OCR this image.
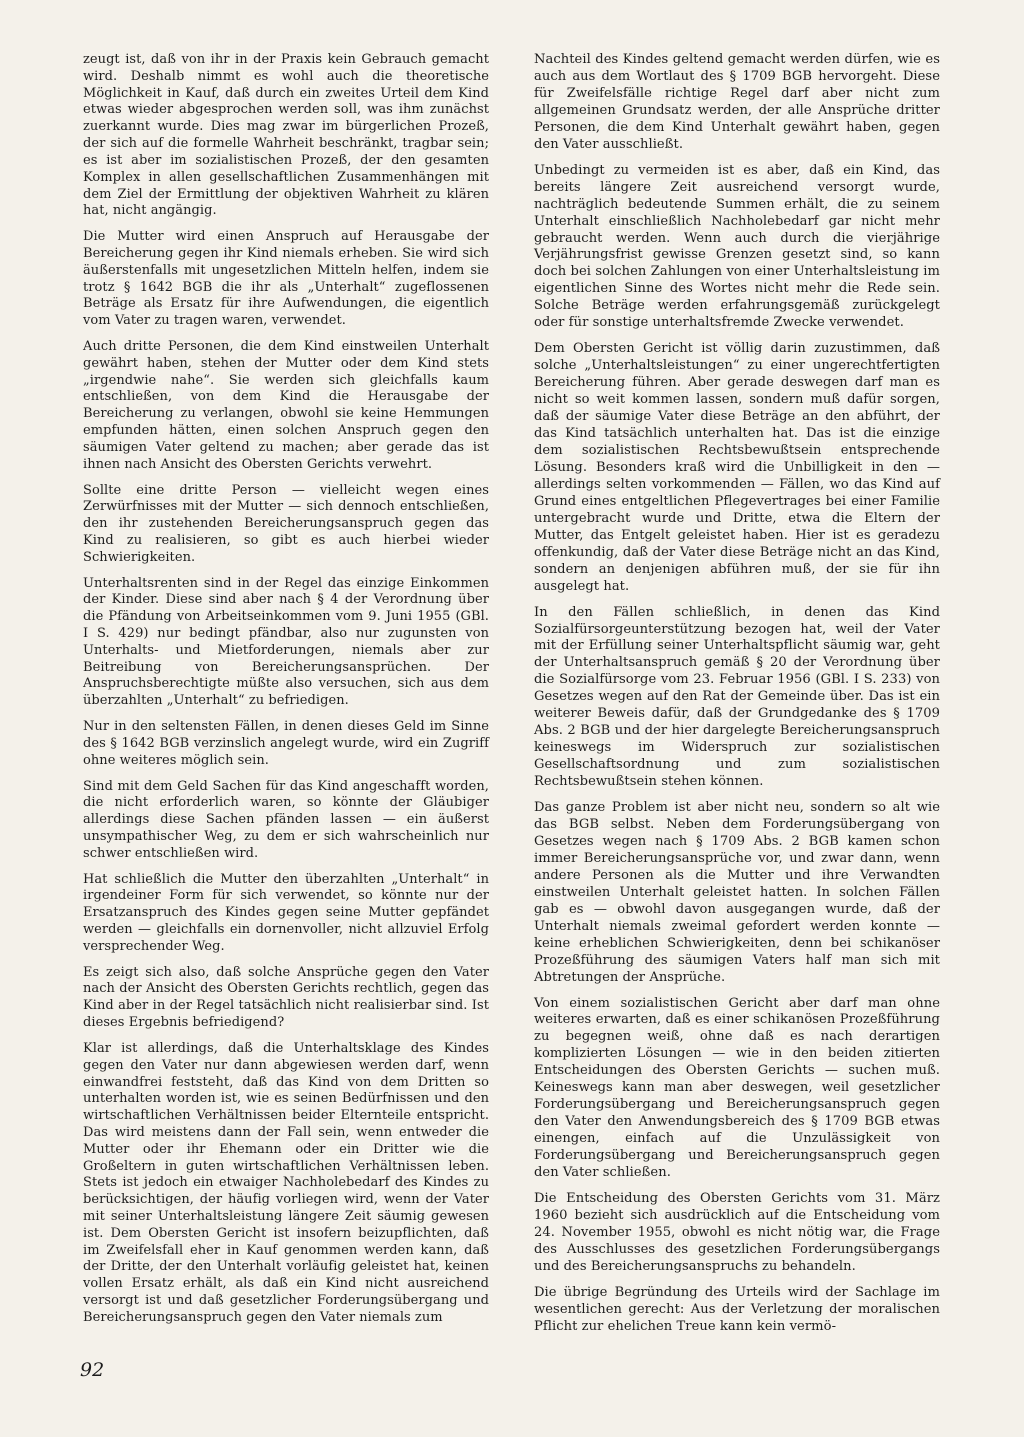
zeugt ist, daß von ihr in der Praxis kein Gebrauch gemacht wird. Deshalb nimmt es wohl auch die theoretische Möglichkeit in Kauf, daß durch ein zweites Urteil dem Kind etwas wieder abgesprochen werden soll, was ihm zunächst zuerkannt wurde. Dies mag zwar im bürgerlichen Prozeß, der sich auf die formelle Wahrheit beschränkt, tragbar sein; es ist aber im sozialistischen Prozeß, der den gesamten Komplex in allen gesellschaftlichen Zusammenhängen mit dem Ziel der Ermittlung der objektiven Wahrheit zu klären hat, nicht angängig.

Die Mutter wird einen Anspruch auf Herausgabe der Bereicherung gegen ihr Kind niemals erheben. Sie wird sich äußerstenfalls mit ungesetzlichen Mitteln helfen, indem sie trotz § 1642 BGB die ihr als „Unterhalt“ zugeflossenen Beträge als Ersatz für ihre Aufwendungen, die eigentlich vom Vater zu tragen waren, verwendet.

Auch dritte Personen, die dem Kind einstweilen Unterhalt gewährt haben, stehen der Mutter oder dem Kind stets „irgendwie nahe“. Sie werden sich gleichfalls kaum entschließen, von dem Kind die Herausgabe der Bereicherung zu verlangen, obwohl sie keine Hemmungen empfunden hätten, einen solchen Anspruch gegen den säumigen Vater geltend zu machen; aber gerade das ist ihnen nach Ansicht des Obersten Gerichts verwehrt.

Sollte eine dritte Person — vielleicht wegen eines Zerwürfnisses mit der Mutter — sich dennoch entschließen, den ihr zustehenden Bereicherungsanspruch gegen das Kind zu realisieren, so gibt es auch hierbei wieder Schwierigkeiten.

Unterhaltsrenten sind in der Regel das einzige Einkommen der Kinder. Diese sind aber nach § 4 der Verordnung über die Pfändung von Arbeitseinkommen vom 9. Juni 1955 (GBl. I S. 429) nur bedingt pfändbar, also nur zugunsten von Unterhalts- und Mietforderungen, niemals aber zur Beitreibung von Bereicherungsansprüchen. Der Anspruchsberechtigte müßte also versuchen, sich aus dem überzahlten „Unterhalt“ zu befriedigen.

Nur in den seltensten Fällen, in denen dieses Geld im Sinne des § 1642 BGB verzinslich angelegt wurde, wird ein Zugriff ohne weiteres möglich sein.

Sind mit dem Geld Sachen für das Kind angeschafft worden, die nicht erforderlich waren, so könnte der Gläubiger allerdings diese Sachen pfänden lassen — ein äußerst unsympathischer Weg, zu dem er sich wahrscheinlich nur schwer entschließen wird.

Hat schließlich die Mutter den überzahlten „Unterhalt“ in irgendeiner Form für sich verwendet, so könnte nur der Ersatzanspruch des Kindes gegen seine Mutter gepfändet werden — gleichfalls ein dornenvoller, nicht allzuviel Erfolg versprechender Weg.

Es zeigt sich also, daß solche Ansprüche gegen den Vater nach der Ansicht des Obersten Gerichts rechtlich, gegen das Kind aber in der Regel tatsächlich nicht realisierbar sind. Ist dieses Ergebnis befriedigend?

Klar ist allerdings, daß die Unterhaltsklage des Kindes gegen den Vater nur dann abgewiesen werden darf, wenn einwandfrei feststeht, daß das Kind von dem Dritten so unterhalten worden ist, wie es seinen Bedürfnissen und den wirtschaftlichen Verhältnissen beider Elternteile entspricht. Das wird meistens dann der Fall sein, wenn entweder die Mutter oder ihr Ehemann oder ein Dritter wie die Großeltern in guten wirtschaftlichen Verhältnissen leben. Stets ist jedoch ein etwaiger Nachholebedarf des Kindes zu berücksichtigen, der häufig vorliegen wird, wenn der Vater mit seiner Unterhaltsleistung längere Zeit säumig gewesen ist. Dem Obersten Gericht ist insofern beizupflichten, daß im Zweifelsfall eher in Kauf genommen werden kann, daß der Dritte, der den Unterhalt vorläufig geleistet hat, keinen vollen Ersatz erhält, als daß ein Kind nicht ausreichend versorgt ist und daß gesetzlicher Forderungsübergang und Bereicherungsanspruch gegen den Vater niemals zum

Nachteil des Kindes geltend gemacht werden dürfen, wie es auch aus dem Wortlaut des § 1709 BGB hervorgeht. Diese für Zweifelsfälle richtige Regel darf aber nicht zum allgemeinen Grundsatz werden, der alle Ansprüche dritter Personen, die dem Kind Unterhalt gewährt haben, gegen den Vater ausschließt.

Unbedingt zu vermeiden ist es aber, daß ein Kind, das bereits längere Zeit ausreichend versorgt wurde, nachträglich bedeutende Summen erhält, die zu seinem Unterhalt einschließlich Nachholebedarf gar nicht mehr gebraucht werden. Wenn auch durch die vierjährige Verjährungsfrist gewisse Grenzen gesetzt sind, so kann doch bei solchen Zahlungen von einer Unterhaltsleistung im eigentlichen Sinne des Wortes nicht mehr die Rede sein. Solche Beträge werden erfahrungsgemäß zurückgelegt oder für sonstige unterhaltsfremde Zwecke verwendet.

Dem Obersten Gericht ist völlig darin zuzustimmen, daß solche „Unterhaltsleistungen“ zu einer ungerechtfertigten Bereicherung führen. Aber gerade deswegen darf man es nicht so weit kommen lassen, sondern muß dafür sorgen, daß der säumige Vater diese Beträge an den abführt, der das Kind tatsächlich unterhalten hat. Das ist die einzige dem sozialistischen Rechtsbewußtsein entsprechende Lösung. Besonders kraß wird die Unbilligkeit in den — allerdings selten vorkommenden — Fällen, wo das Kind auf Grund eines entgeltlichen Pflegevertrages bei einer Familie untergebracht wurde und Dritte, etwa die Eltern der Mutter, das Entgelt geleistet haben. Hier ist es geradezu offenkundig, daß der Vater diese Beträge nicht an das Kind, sondern an denjenigen abführen muß, der sie für ihn ausgelegt hat.

In den Fällen schließlich, in denen das Kind Sozialfürsorgeunterstützung bezogen hat, weil der Vater mit der Erfüllung seiner Unterhaltspflicht säumig war, geht der Unterhaltsanspruch gemäß § 20 der Verordnung über die Sozialfürsorge vom 23. Februar 1956 (GBl. I S. 233) von Gesetzes wegen auf den Rat der Gemeinde über. Das ist ein weiterer Beweis dafür, daß der Grundgedanke des § 1709 Abs. 2 BGB und der hier dargelegte Bereicherungsanspruch keineswegs im Widerspruch zur sozialistischen Gesellschaftsordnung und zum sozialistischen Rechtsbewußtsein stehen können.

Das ganze Problem ist aber nicht neu, sondern so alt wie das BGB selbst. Neben dem Forderungsübergang von Gesetzes wegen nach § 1709 Abs. 2 BGB kamen schon immer Bereicherungsansprüche vor, und zwar dann, wenn andere Personen als die Mutter und ihre Verwandten einstweilen Unterhalt geleistet hatten. In solchen Fällen gab es — obwohl davon ausgegangen wurde, daß der Unterhalt niemals zweimal gefordert werden konnte — keine erheblichen Schwierigkeiten, denn bei schikanöser Prozeßführung des säumigen Vaters half man sich mit Abtretungen der Ansprüche.

Von einem sozialistischen Gericht aber darf man ohne weiteres erwarten, daß es einer schikanösen Prozeßführung zu begegnen weiß, ohne daß es nach derartigen komplizierten Lösungen — wie in den beiden zitierten Entscheidungen des Obersten Gerichts — suchen muß. Keineswegs kann man aber deswegen, weil gesetzlicher Forderungsübergang und Bereicherungsanspruch gegen den Vater den Anwendungsbereich des § 1709 BGB etwas einengen, einfach auf die Unzulässigkeit von Forderungsübergang und Bereicherungsanspruch gegen den Vater schließen.

Die Entscheidung des Obersten Gerichts vom 31. März 1960 bezieht sich ausdrücklich auf die Entscheidung vom 24. November 1955, obwohl es nicht nötig war, die Frage des Ausschlusses des gesetzlichen Forderungsübergangs und des Bereicherungsanspruchs zu behandeln.

Die übrige Begründung des Urteils wird der Sachlage im wesentlichen gerecht: Aus der Verletzung der moralischen Pflicht zur ehelichen Treue kann kein vermö-

92
